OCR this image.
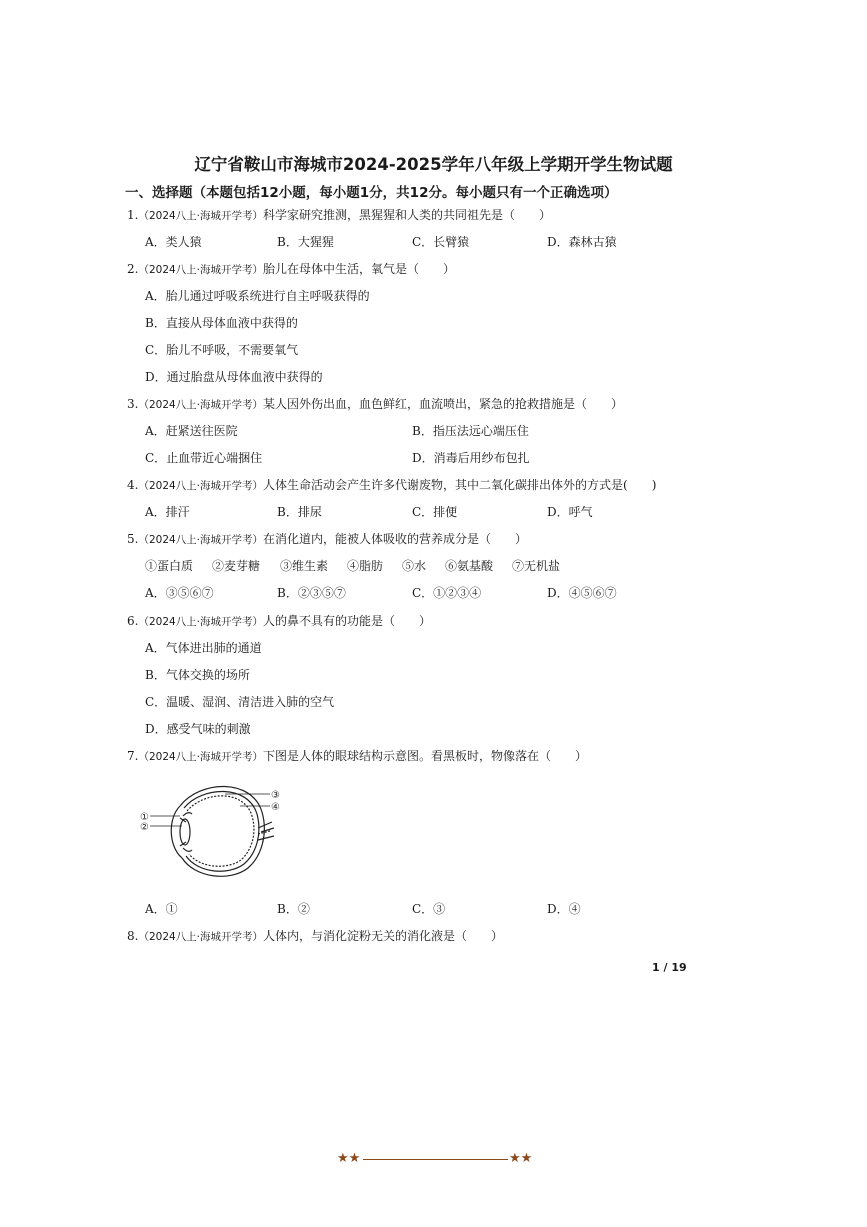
辽宁省鞍山市海城市2024-2025学年八年级上学期开学生物试题
一、选择题（本题包括12小题，每小题1分，共12分。每小题只有一个正确选项）
1.（2024八上·海城开学考）科学家研究推测，黑猩猩和人类的共同祖先是（　　）
A．类人猿	B．大猩猩	C．长臂猿	D．森林古猿
2.（2024八上·海城开学考）胎儿在母体中生活，氧气是（　　）
A．胎儿通过呼吸系统进行自主呼吸获得的
B．直接从母体血液中获得的
C．胎儿不呼吸，不需要氧气
D．通过胎盘从母体血液中获得的
3.（2024八上·海城开学考）某人因外伤出血，血色鲜红，血流喷出，紧急的抢救措施是（　　）
A．赶紧送往医院	B．指压法远心端压住
C．止血带近心端捆住	D．消毒后用纱布包扎
4.（2024八上·海城开学考）人体生命活动会产生许多代谢废物，其中二氧化碳排出体外的方式是(　　)
A．排汗	B．排尿	C．排便	D．呼气
5.（2024八上·海城开学考）在消化道内，能被人体吸收的营养成分是（　　）
①蛋白质 ②麦芽糖 ③维生素 ④脂肪 ⑤水 ⑥氨基酸 ⑦无机盐
A．③⑤⑥⑦	B．②③⑤⑦	C．①②③④	D．④⑤⑥⑦
6.（2024八上·海城开学考）人的鼻不具有的功能是（　　）
A．气体进出肺的通道
B．气体交换的场所
C．温暖、湿润、清洁进入肺的空气
D．感受气味的刺激
7.（2024八上·海城开学考）下图是人体的眼球结构示意图。看黑板时，物像落在（　　）
①
②
③
④
A．①	B．②	C．③	D．④
8.（2024八上·海城开学考）人体内，与消化淀粉无关的消化液是（　　）
1 / 19
★★	★★
